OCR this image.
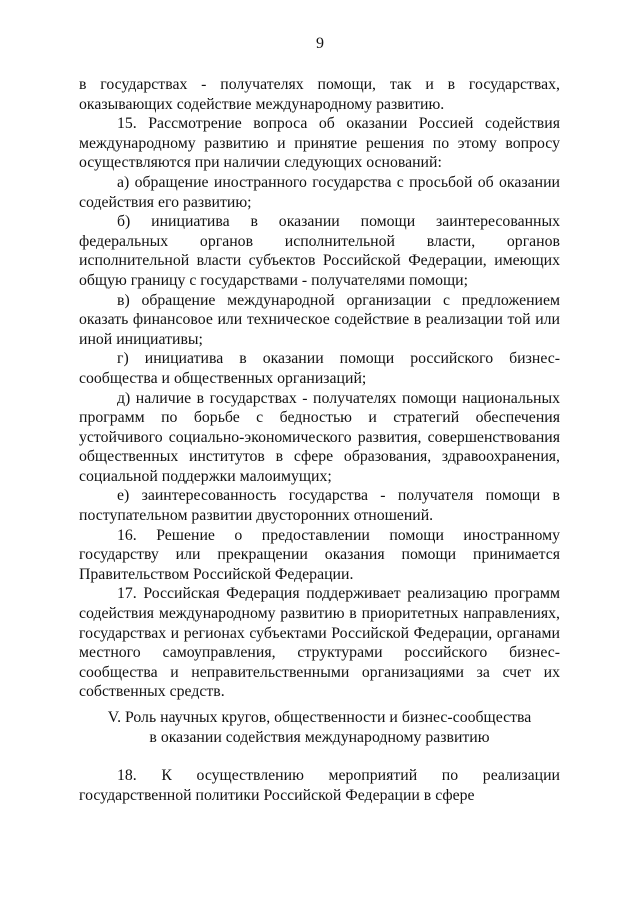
9

в государствах - получателях помощи, так и в государствах, оказывающих содействие международному развитию.

15. Рассмотрение вопроса об оказании Россией содействия международному развитию и принятие решения по этому вопросу осуществляются при наличии следующих оснований:

а) обращение иностранного государства с просьбой об оказании содействия его развитию;

б) инициатива в оказании помощи заинтересованных федеральных органов исполнительной власти, органов исполнительной власти субъектов Российской Федерации, имеющих общую границу с государствами - получателями помощи;

в) обращение международной организации с предложением оказать финансовое или техническое содействие в реализации той или иной инициативы;

г) инициатива в оказании помощи российского бизнес-сообщества и общественных организаций;

д) наличие в государствах - получателях помощи национальных программ по борьбе с бедностью и стратегий обеспечения устойчивого социально-экономического развития, совершенствования общественных институтов в сфере образования, здравоохранения, социальной поддержки малоимущих;

е) заинтересованность государства - получателя помощи в поступательном развитии двусторонних отношений.

16. Решение о предоставлении помощи иностранному государству или прекращении оказания помощи принимается Правительством Российской Федерации.

17. Российская Федерация поддерживает реализацию программ содействия международному развитию в приоритетных направлениях, государствах и регионах субъектами Российской Федерации, органами местного самоуправления, структурами российского бизнес-сообщества и неправительственными организациями за счет их собственных средств.

V. Роль научных кругов, общественности и бизнес-сообщества
в оказании содействия международному развитию

18. К осуществлению мероприятий по реализации государственной политики Российской Федерации в сфере
